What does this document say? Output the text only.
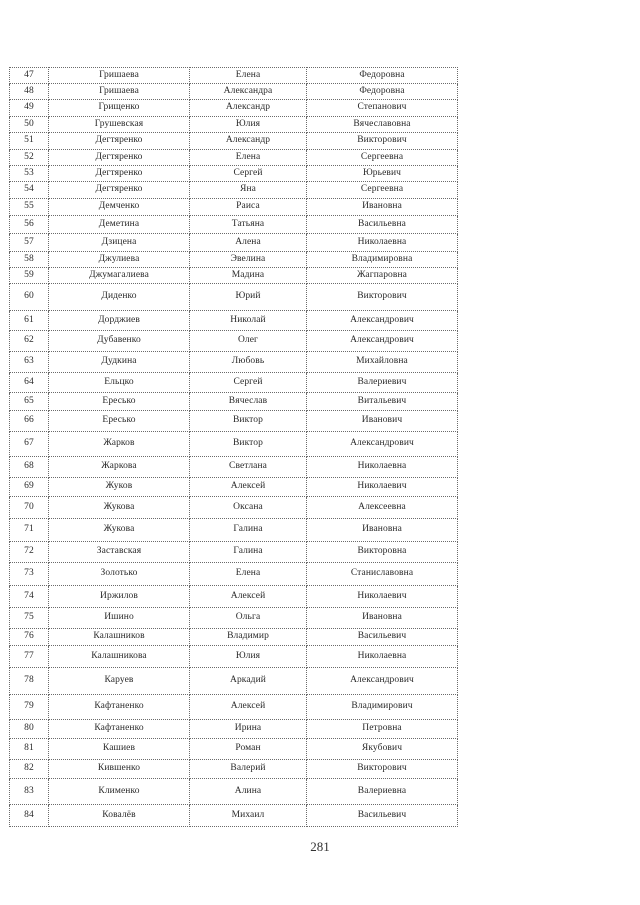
47	Гришаева	Елена	Федоровна
48	Гришаева	Александра	Федоровна
49	Грищенко	Александр	Степанович
50	Грушевская	Юлия	Вячеславовна
51	Дегтяренко	Александр	Викторович
52	Дегтяренко	Елена	Сергеевна
53	Дегтяренко	Сергей	Юрьевич
54	Дегтяренко	Яна	Сергеевна
55	Демченко	Раиса	Ивановна
56	Деметина	Татьяна	Васильевна
57	Дзицена	Алена	Николаевна
58	Джулиева	Эвелина	Владимировна
59	Джумагалиева	Мадина	Жагпаровна
60	Диденко	Юрий	Викторович
61	Дорджиев	Николай	Александрович
62	Дубавенко	Олег	Александрович
63	Дудкина	Любовь	Михайловна
64	Ельцко	Сергей	Валериевич
65	Ересько	Вячеслав	Витальевич
66	Ересько	Виктор	Иванович
67	Жарков	Виктор	Александрович
68	Жаркова	Светлана	Николаевна
69	Жуков	Алексей	Николаевич
70	Жукова	Оксана	Алексеевна
71	Жукова	Галина	Ивановна
72	Заставская	Галина	Викторовна
73	Золотько	Елена	Станиславовна
74	Иржилов	Алексей	Николаевич
75	Ишино	Ольга	Ивановна
76	Калашников	Владимир	Васильевич
77	Калашникова	Юлия	Николаевна
78	Каруев	Аркадий	Александрович
79	Кафтаненко	Алексей	Владимирович
80	Кафтаненко	Ирина	Петровна
81	Кашиев	Роман	Якубович
82	Кившенко	Валерий	Викторович
83	Клименко	Алина	Валериевна
84	Ковалёв	Михаил	Васильевич
281
